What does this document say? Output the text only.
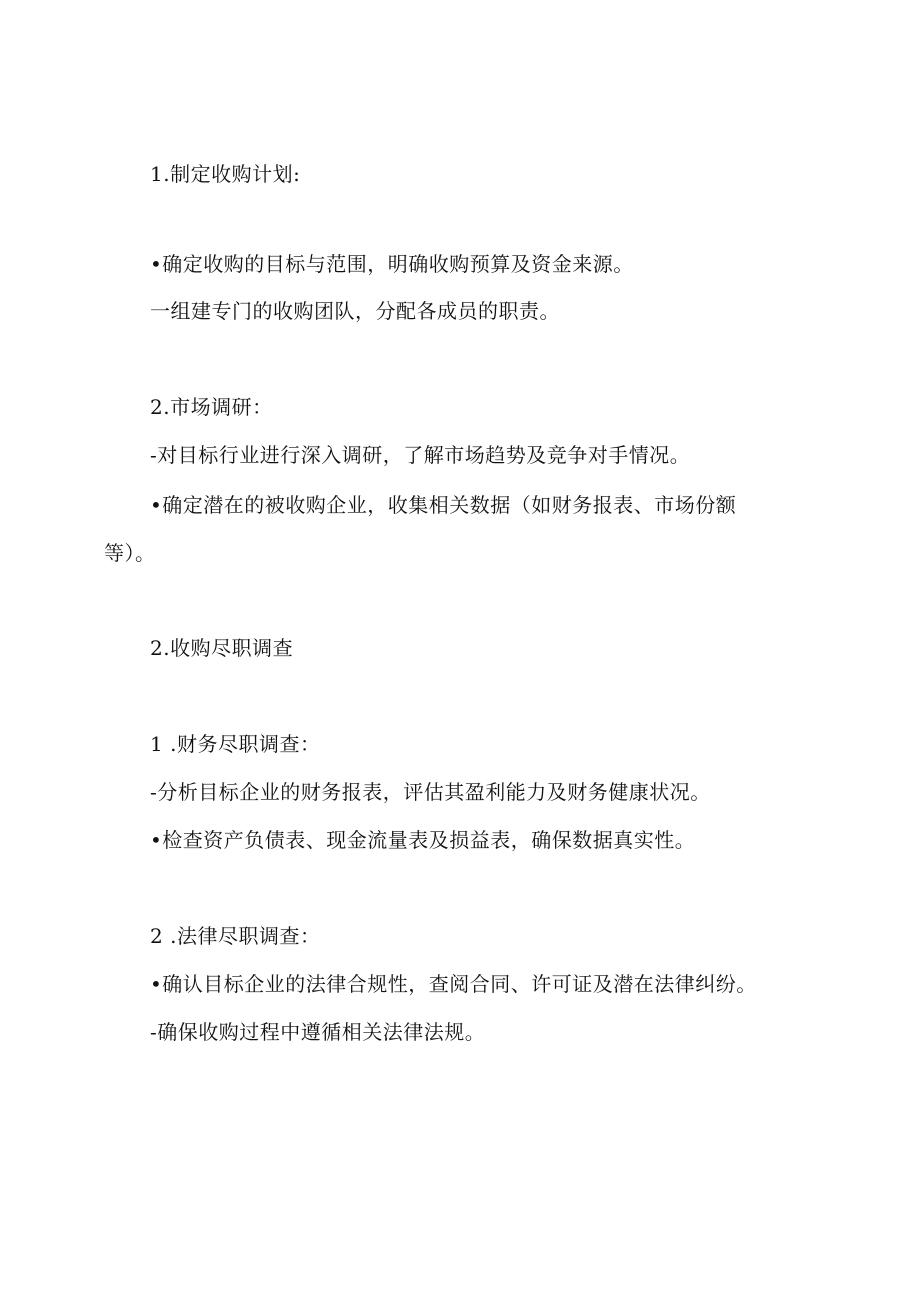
1.制定收购计划:
•确定收购的目标与范围，明确收购预算及资金来源。
一组建专门的收购团队，分配各成员的职责。
2.市场调研：
-对目标行业进行深入调研，了解市场趋势及竞争对手情况。
•确定潜在的被收购企业，收集相关数据（如财务报表、市场份额
等）。
2.收购尽职调查
1 .财务尽职调查：
-分析目标企业的财务报表，评估其盈利能力及财务健康状况。
•检查资产负债表、现金流量表及损益表，确保数据真实性。
2 .法律尽职调查：
•确认目标企业的法律合规性，查阅合同、许可证及潜在法律纠纷。
-确保收购过程中遵循相关法律法规。
